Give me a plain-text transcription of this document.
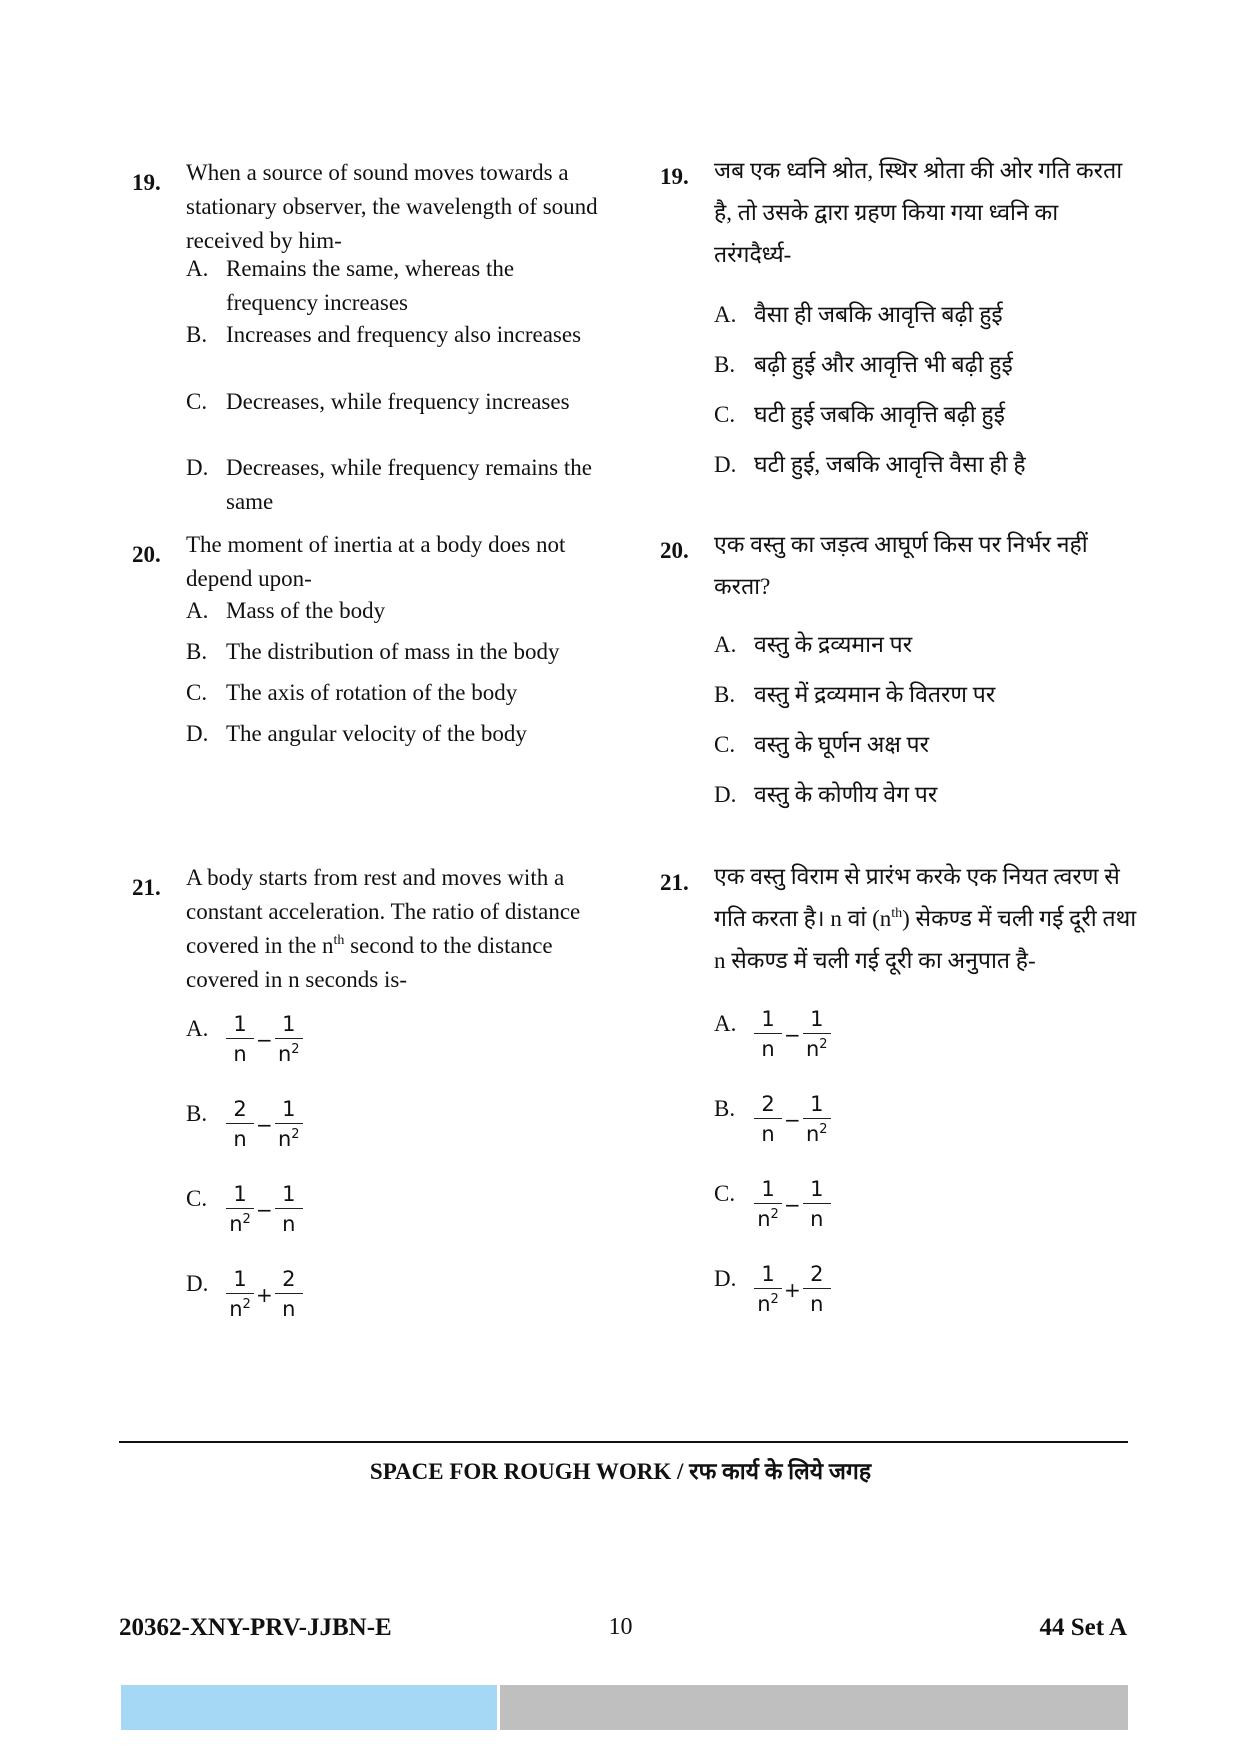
19. When a source of sound moves towards a stationary observer, the wavelength of sound received by him-
A. Remains the same, whereas the frequency increases
B. Increases and frequency also increases
C. Decreases, while frequency increases
D. Decreases, while frequency remains the same
20. The moment of inertia at a body does not depend upon-
A. Mass of the body
B. The distribution of mass in the body
C. The axis of rotation of the body
D. The angular velocity of the body
21. A body starts from rest and moves with a constant acceleration. The ratio of distance covered in the $n^{th}$ second to the distance covered in n seconds is-
A. $\frac{1}{n} - \frac{1}{n^2}$
B. $\frac{2}{n} - \frac{1}{n^2}$
C. $\frac{1}{n^2} - \frac{1}{n}$
D. $\frac{1}{n^2} + \frac{2}{n}$
19. जब एक ध्वनि श्रोत, स्थिर श्रोता की ओर गति करता है, तो उसके द्वारा ग्रहण किया गया ध्वनि का तरंगदैर्ध्य-
A. वैसा ही जबकि आवृत्ति बढ़ी हुई
B. बढ़ी हुई और आवृत्ति भी बढ़ी हुई
C. घटी हुई जबकि आवृत्ति बढ़ी हुई
D. घटी हुई, जबकि आवृत्ति वैसा ही है
20. एक वस्तु का जड़त्व आघूर्ण किस पर निर्भर नहीं करता?
A. वस्तु के द्रव्यमान पर
B. वस्तु में द्रव्यमान के वितरण पर
C. वस्तु के घूर्णन अक्ष पर
D. वस्तु के कोणीय वेग पर
21. एक वस्तु विराम से प्रारंभ करके एक नियत त्वरण से गति करता है। n वां $(n^{th})$ सेकण्ड में चली गई दूरी तथा n सेकण्ड में चली गई दूरी का अनुपात है-
A. $\frac{1}{n} - \frac{1}{n^2}$
B. $\frac{2}{n} - \frac{1}{n^2}$
C. $\frac{1}{n^2} - \frac{1}{n}$
D. $\frac{1}{n^2} + \frac{2}{n}$
SPACE FOR ROUGH WORK / रफ कार्य के लिये जगह
20362-XNY-PRV-JJBN-E	10	44 Set A
